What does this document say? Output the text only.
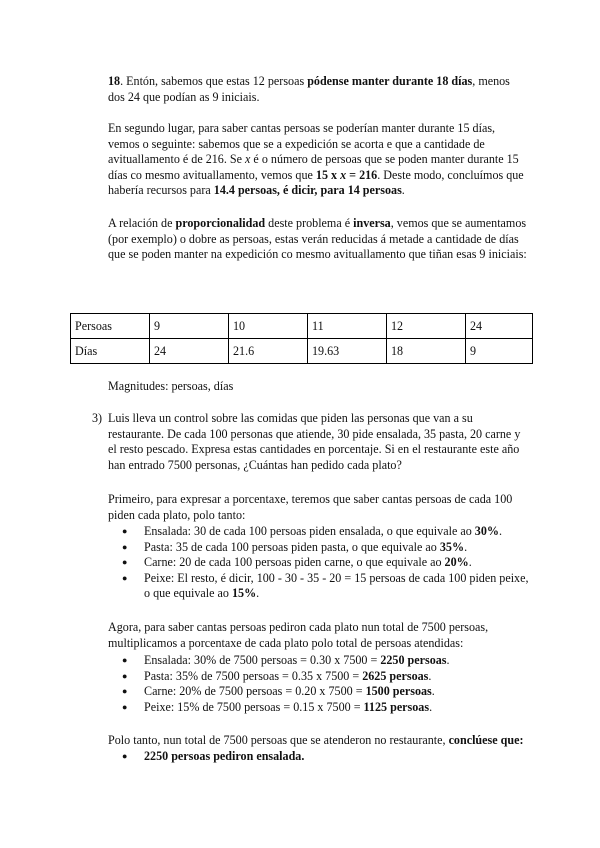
18. Entón, sabemos que estas 12 persoas pódense manter durante 18 días, menos dos 24 que podían as 9 iniciais.

En segundo lugar, para saber cantas persoas se poderían manter durante 15 días, vemos o seguinte: sabemos que se a expedición se acorta e que a cantidade de avituallamento é de 216. Se x é o número de persoas que se poden manter durante 15 días co mesmo avituallamento, vemos que 15 x x = 216. Deste modo, concluímos que habería recursos para 14.4 persoas, é dicir, para 14 persoas.

A relación de proporcionalidad deste problema é inversa, vemos que se aumentamos (por exemplo) o dobre as persoas, estas verán reducidas á metade a cantidade de días que se poden manter na expedición co mesmo avituallamento que tiñan esas 9 iniciais:

Persoas	9	10	11	12	24
Días	24	21.6	19.63	18	9

Magnitudes: persoas, días

3) Luis lleva un control sobre las comidas que piden las personas que van a su restaurante. De cada 100 personas que atiende, 30 pide ensalada, 35 pasta, 20 carne y el resto pescado. Expresa estas cantidades en porcentaje. Si en el restaurante este año han entrado 7500 personas, ¿Cuántas han pedido cada plato?

Primeiro, para expresar a porcentaxe, teremos que saber cantas persoas de cada 100 piden cada plato, polo tanto:

● Ensalada: 30 de cada 100 persoas piden ensalada, o que equivale ao 30%.
● Pasta: 35 de cada 100 persoas piden pasta, o que equivale ao 35%.
● Carne: 20 de cada 100 persoas piden carne, o que equivale ao 20%.
● Peixe: El resto, é dicir, 100 - 30 - 35 - 20 = 15 persoas de cada 100 piden peixe, o que equivale ao 15%.

Agora, para saber cantas persoas pediron cada plato nun total de 7500 persoas, multiplicamos a porcentaxe de cada plato polo total de persoas atendidas:

● Ensalada: 30% de 7500 persoas = 0.30 x 7500 = 2250 persoas.
● Pasta: 35% de 7500 persoas = 0.35 x 7500 = 2625 persoas.
● Carne: 20% de 7500 persoas = 0.20 x 7500 = 1500 persoas.
● Peixe: 15% de 7500 persoas = 0.15 x 7500 = 1125 persoas.

Polo tanto, nun total de 7500 persoas que se atenderon no restaurante, conclúese que:

● 2250 persoas pediron ensalada.
